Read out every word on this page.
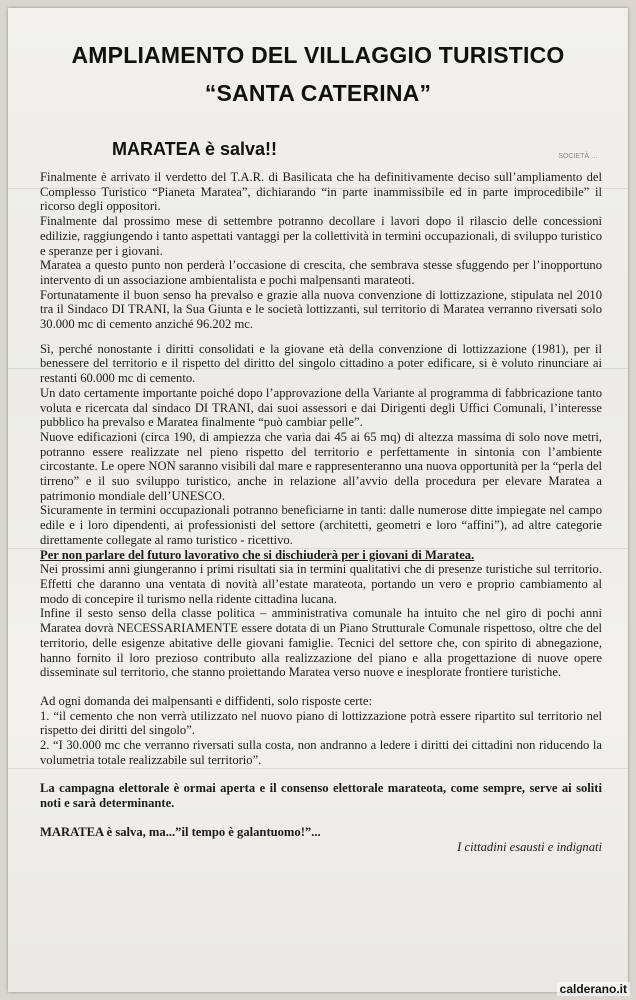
AMPLIAMENTO DEL VILLAGGIO TURISTICO
“SANTA CATERINA”
MARATEA è salva!!	SOCIETÀ …

Finalmente è arrivato il verdetto del T.A.R. di Basilicata che ha definitivamente deciso sull’ampliamento del Complesso Turistico “Pianeta Maratea”, dichiarando “in parte inammissibile ed in parte improcedibile” il ricorso degli oppositori.

Finalmente dal prossimo mese di settembre potranno decollare i lavori dopo il rilascio delle concessioni edilizie, raggiungendo i tanto aspettati vantaggi per la collettività in termini occupazionali, di sviluppo turistico e speranze per i giovani.

Maratea a questo punto non perderà l’occasione di crescita, che sembrava stesse sfuggendo per l’inopportuno intervento di un associazione ambientalista e pochi malpensanti marateoti.

Fortunatamente il buon senso ha prevalso e grazie alla nuova convenzione di lottizzazione, stipulata nel 2010 tra il Sindaco DI TRANI, la Sua Giunta e le società lottizzanti, sul territorio di Maratea verranno riversati solo 30.000 mc di cemento anziché 96.202 mc.

Sì, perché nonostante i diritti consolidati e la giovane età della convenzione di lottizzazione (1981), per il benessere del territorio e il rispetto del diritto del singolo cittadino a poter edificare, si è voluto rinunciare ai restanti 60.000 mc di cemento.

Un dato certamente importante poiché dopo l’approvazione della Variante al programma di fabbricazione tanto voluta e ricercata dal sindaco DI TRANI, dai suoi assessori e dai Dirigenti degli Uffici Comunali, l’interesse pubblico ha prevalso e Maratea finalmente “può cambiar pelle”.

Nuove edificazioni (circa 190, di ampiezza che varia dai 45 ai 65 mq) di altezza massima di solo nove metri, potranno essere realizzate nel pieno rispetto del territorio e perfettamente in sintonia con l’ambiente circostante. Le opere NON saranno visibili dal mare e rappresenteranno una nuova opportunità per la “perla del tirreno” e il suo sviluppo turistico, anche in relazione all’avvio della procedura per elevare Maratea a patrimonio mondiale dell’UNESCO.

Sicuramente in termini occupazionali potranno beneficiarne in tanti: dalle numerose ditte impiegate nel campo edile e i loro dipendenti, ai professionisti del settore (architetti, geometri e loro “affini”), ad altre categorie direttamente collegate al ramo turistico - ricettivo.

Per non parlare del futuro lavorativo che si dischiuderà per i giovani di Maratea.

Nei prossimi anni giungeranno i primi risultati sia in termini qualitativi che di presenze turistiche sul territorio. Effetti che daranno una ventata di novità all’estate marateota, portando un vero e proprio cambiamento al modo di concepire il turismo nella ridente cittadina lucana.

Infine il sesto senso della classe politica – amministrativa comunale ha intuito che nel giro di pochi anni Maratea dovrà NECESSARIAMENTE essere dotata di un Piano Strutturale Comunale rispettoso, oltre che del territorio, delle esigenze abitative delle giovani famiglie. Tecnici del settore che, con spirito di abnegazione, hanno fornito il loro prezioso contributo alla realizzazione del piano e alla progettazione di nuove opere disseminate sul territorio, che stanno proiettando Maratea verso nuove e inesplorate frontiere turistiche.

Ad ogni domanda dei malpensanti e diffidenti, solo risposte certe:

1. “il cemento che non verrà utilizzato nel nuovo piano di lottizzazione potrà essere ripartito sul territorio nel rispetto dei diritti del singolo”.

2. “I 30.000 mc che verranno riversati sulla costa, non andranno a ledere i diritti dei cittadini non riducendo la volumetria totale realizzabile sul territorio”.

La campagna elettorale è ormai aperta e il consenso elettorale marateota, come sempre, serve ai soliti noti e sarà determinante.

MARATEA è salva, ma...”il tempo è galantuomo!”...

I cittadini esausti e indignati

calderano.it
